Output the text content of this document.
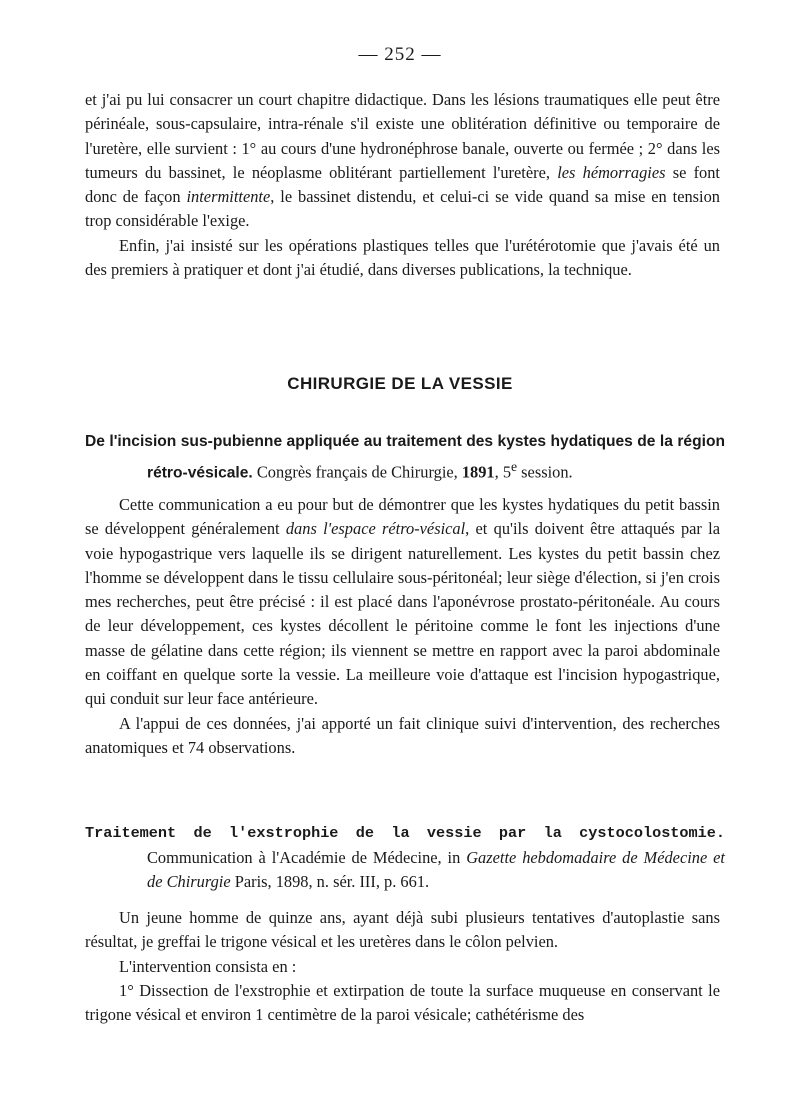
— 252 —

et j'ai pu lui consacrer un court chapitre didactique. Dans les lésions traumatiques elle peut être périnéale, sous-capsulaire, intra-rénale s'il existe une oblitération définitive ou temporaire de l'uretère, elle survient : 1° au cours d'une hydronéphrose banale, ouverte ou fermée ; 2° dans les tumeurs du bassinet, le néoplasme oblitérant partiellement l'uretère, les hémorragies se font donc de façon intermittente, le bassinet distendu, et celui-ci se vide quand sa mise en tension trop considérable l'exige.

Enfin, j'ai insisté sur les opérations plastiques telles que l'urétérotomie que j'avais été un des premiers à pratiquer et dont j'ai étudié, dans diverses publications, la technique.

CHIRURGIE DE LA VESSIE
De l'incision sus-pubienne appliquée au traitement des kystes hydatiques de la région rétro-vésicale. Congrès français de Chirurgie, 1891, 5e session.

Cette communication a eu pour but de démontrer que les kystes hydatiques du petit bassin se développent généralement dans l'espace rétro-vésical, et qu'ils doivent être attaqués par la voie hypogastrique vers laquelle ils se dirigent naturellement. Les kystes du petit bassin chez l'homme se développent dans le tissu cellulaire sous-péritonéal; leur siège d'élection, si j'en crois mes recherches, peut être précisé : il est placé dans l'aponévrose prostato-péritonéale. Au cours de leur développement, ces kystes décollent le péritoine comme le font les injections d'une masse de gélatine dans cette région; ils viennent se mettre en rapport avec la paroi abdominale en coiffant en quelque sorte la vessie. La meilleure voie d'attaque est l'incision hypogastrique, qui conduit sur leur face antérieure.

A l'appui de ces données, j'ai apporté un fait clinique suivi d'intervention, des recherches anatomiques et 74 observations.

Traitement de l'exstrophie de la vessie par la cystocolostomie. Communication à l'Académie de Médecine, in Gazette hebdomadaire de Médecine et de Chirurgie Paris, 1898, n. sér. III, p. 661.

Un jeune homme de quinze ans, ayant déjà subi plusieurs tentatives d'autoplastie sans résultat, je greffai le trigone vésical et les uretères dans le côlon pelvien.

L'intervention consista en :

1° Dissection de l'exstrophie et extirpation de toute la surface muqueuse en conservant le trigone vésical et environ 1 centimètre de la paroi vésicale; cathétérisme des
